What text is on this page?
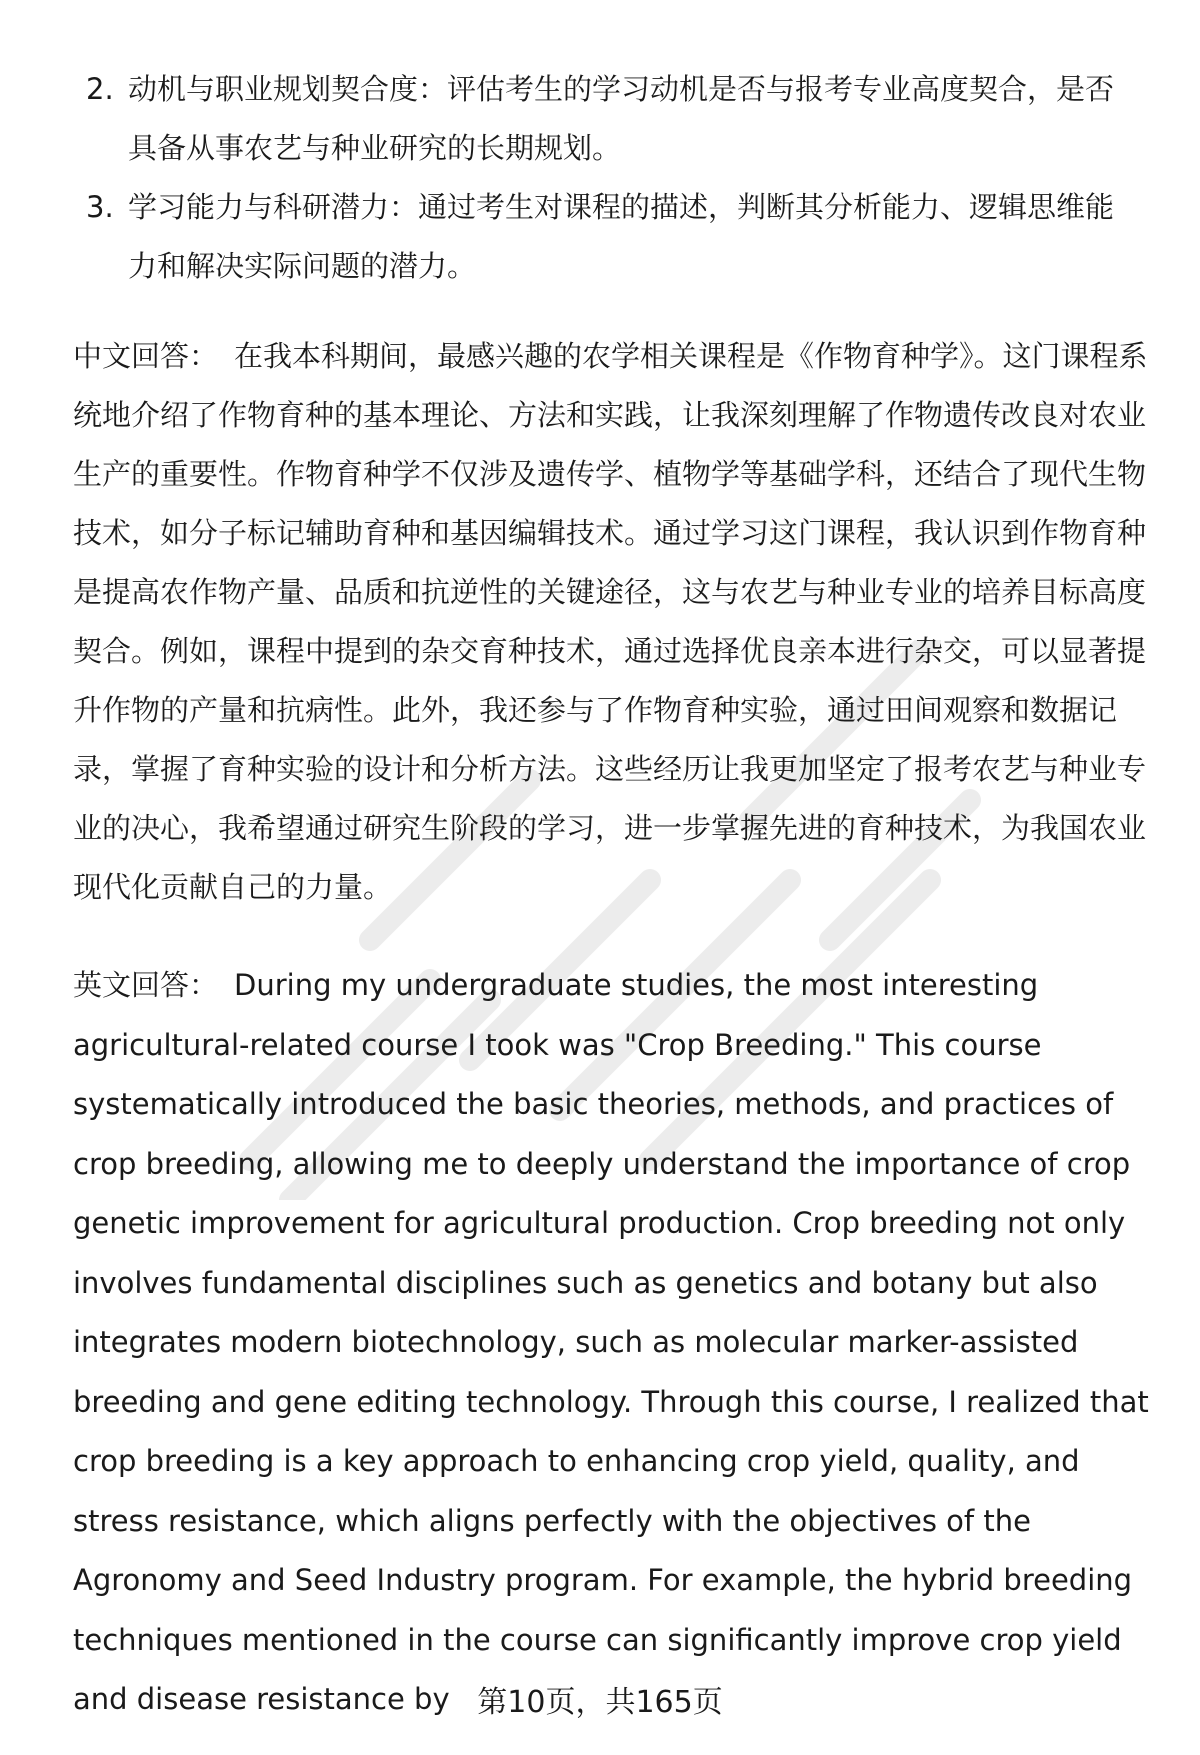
2. 动机与职业规划契合度：评估考生的学习动机是否与报考专业高度契合，是否具备从事农艺与种业研究的长期规划。
3. 学习能力与科研潜力：通过考生对课程的描述，判断其分析能力、逻辑思维能力和解决实际问题的潜力。
中文回答： 在我本科期间，最感兴趣的农学相关课程是《作物育种学》。这门课程系统地介绍了作物育种的基本理论、方法和实践，让我深刻理解了作物遗传改良对农业生产的重要性。作物育种学不仅涉及遗传学、植物学等基础学科，还结合了现代生物技术，如分子标记辅助育种和基因编辑技术。通过学习这门课程，我认识到作物育种是提高农作物产量、品质和抗逆性的关键途径，这与农艺与种业专业的培养目标高度契合。例如，课程中提到的杂交育种技术，通过选择优良亲本进行杂交，可以显著提升作物的产量和抗病性。此外，我还参与了作物育种实验，通过田间观察和数据记录，掌握了育种实验的设计和分析方法。这些经历让我更加坚定了报考农艺与种业专业的决心，我希望通过研究生阶段的学习，进一步掌握先进的育种技术，为我国农业现代化贡献自己的力量。
英文回答： During my undergraduate studies, the most interesting agricultural-related course I took was "Crop Breeding." This course systematically introduced the basic theories, methods, and practices of crop breeding, allowing me to deeply understand the importance of crop genetic improvement for agricultural production. Crop breeding not only involves fundamental disciplines such as genetics and botany but also integrates modern biotechnology, such as molecular marker-assisted breeding and gene editing technology. Through this course, I realized that crop breeding is a key approach to enhancing crop yield, quality, and stress resistance, which aligns perfectly with the objectives of the Agronomy and Seed Industry program. For example, the hybrid breeding techniques mentioned in the course can significantly improve crop yield and disease resistance by 第10页，共165页
